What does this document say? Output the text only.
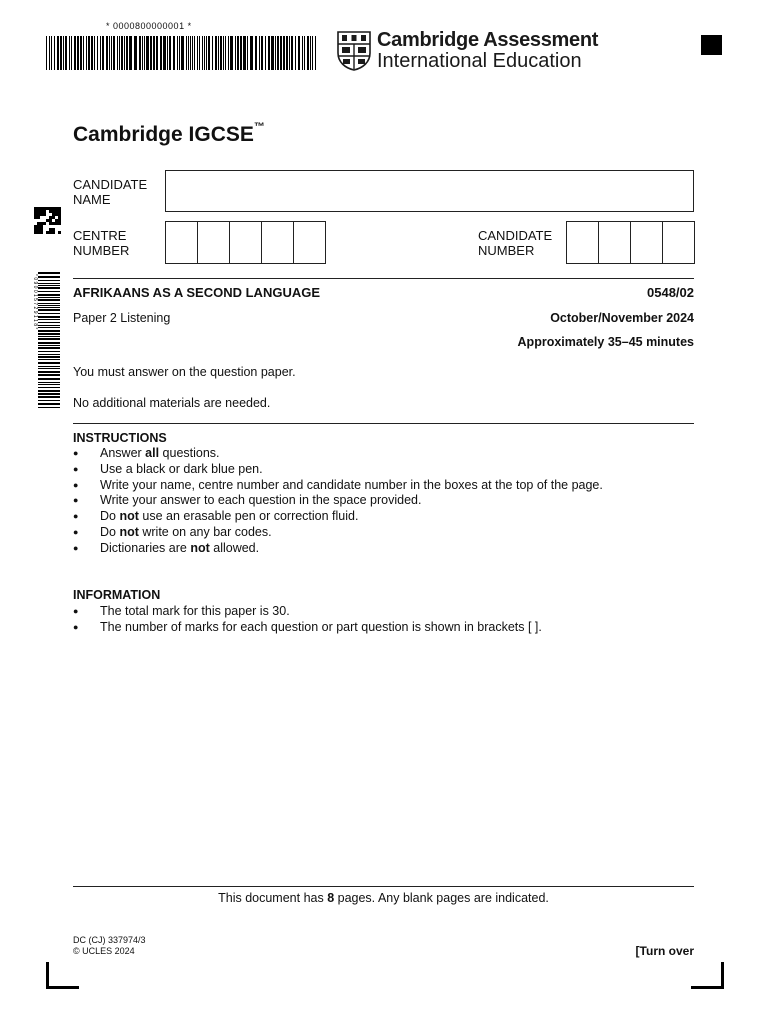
* 0000800000001 *
Cambridge Assessment
International Education
Cambridge IGCSE™
CANDIDATE NAME
CENTRE NUMBER
CANDIDATE NUMBER
* 0 9 0 0 1 5 7 2 9 1 1 8 *	AFRIKAANS AS A SECOND LANGUAGE	0548/02
Paper 2 Listening	October/November 2024
Approximately 35–45 minutes
You must answer on the question paper.
No additional materials are needed.
INSTRUCTIONS
● Answer all questions.
● Use a black or dark blue pen.
● Write your name, centre number and candidate number in the boxes at the top of the page.
● Write your answer to each question in the space provided.
● Do not use an erasable pen or correction fluid.
● Do not write on any bar codes.
● Dictionaries are not allowed.
INFORMATION
● The total mark for this paper is 30.
● The number of marks for each question or part question is shown in brackets [ ].
This document has 8 pages. Any blank pages are indicated.
DC (CJ) 337974/3
© UCLES 2024	[Turn over
